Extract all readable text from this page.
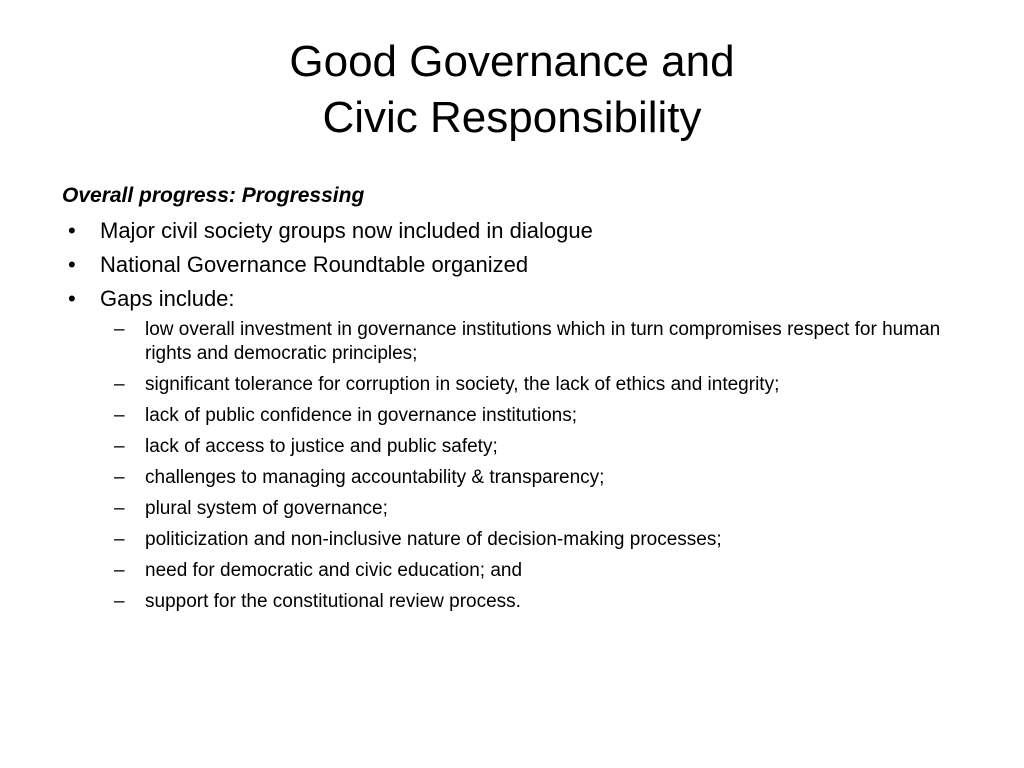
Good Governance and
Civic Responsibility
Overall progress: Progressing
• Major civil society groups now included in dialogue
• National Governance Roundtable organized
• Gaps include:
– low overall investment in governance institutions which in turn compromises respect for human rights and democratic principles;
– significant tolerance for corruption in society, the lack of ethics and integrity;
– lack of public confidence in governance institutions;
– lack of access to justice and public safety;
– challenges to managing accountability & transparency;
– plural system of governance;
– politicization and non-inclusive nature of decision-making processes;
– need for democratic and civic education; and
– support for the constitutional review process.
